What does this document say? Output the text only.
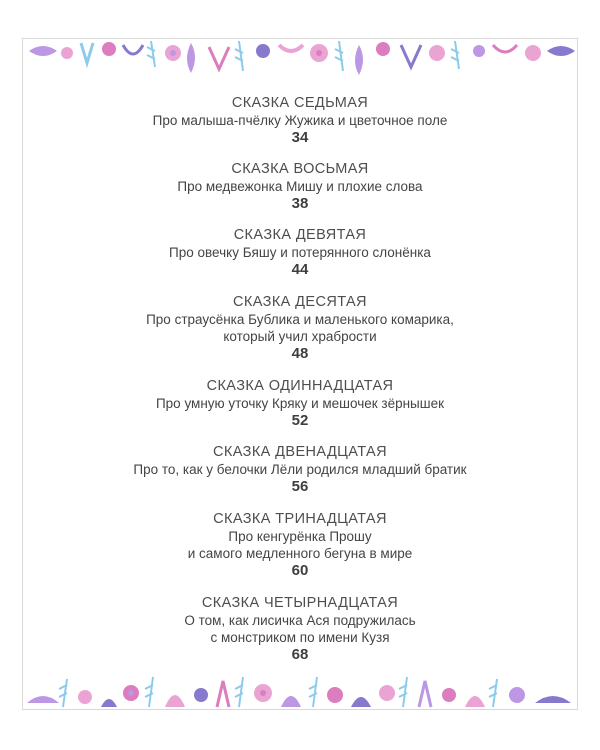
СКАЗКА СЕДЬМАЯ
Про малыша-пчёлку Жужика и цветочное поле
34
СКАЗКА ВОСЬМАЯ
Про медвежонка Мишу и плохие слова
38
СКАЗКА ДЕВЯТАЯ
Про овечку Бяшу и потерянного слонёнка
44
СКАЗКА ДЕСЯТАЯ
Про страусёнка Бублика и маленького комарика,
который учил храбрости
48
СКАЗКА ОДИННАДЦАТАЯ
Про умную уточку Кряку и мешочек зёрнышек
52
СКАЗКА ДВЕНАДЦАТАЯ
Про то, как у белочки Лёли родился младший братик
56
СКАЗКА ТРИНАДЦАТАЯ
Про кенгурёнка Прошу
и самого медленного бегуна в мире
60
СКАЗКА ЧЕТЫРНАДЦАТАЯ
О том, как лисичка Ася подружилась
с монстриком по имени Кузя
68
